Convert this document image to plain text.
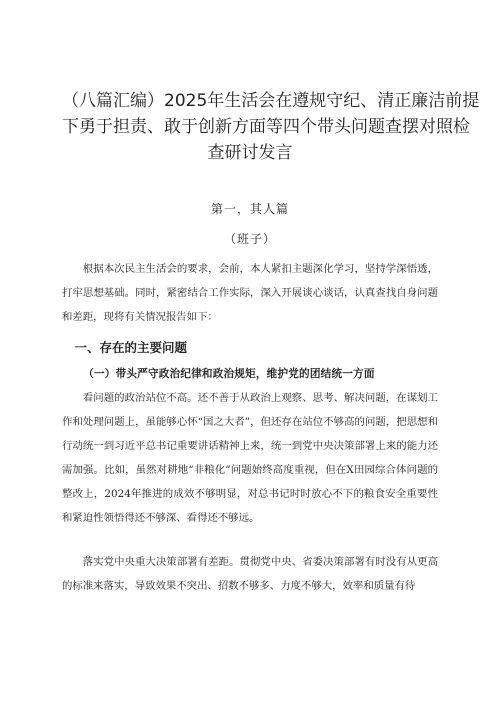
（八篇汇编）2025年生活会在遵规守纪、清正廉洁前提
下勇于担责、敢于创新方面等四个带头问题查摆对照检
查研讨发言
第一，其人篇
（班子）

根据本次民主生活会的要求，会前，本人紧扣主题深化学习，坚持学深悟透，打牢思想基础。同时，紧密结合工作实际，深入开展谈心谈话，认真查找自身问题和差距，现将有关情况报告如下：

一、存在的主要问题

（一）带头严守政治纪律和政治规矩，维护党的团结统一方面

看问题的政治站位不高。还不善于从政治上观察、思考、解决问题，在谋划工作和处理问题上，虽能够心怀“国之大者”，但还存在站位不够高的问题，把思想和行动统一到习近平总书记重要讲话精神上来，统一到党中央决策部署上来的能力还需加强。比如，虽然对耕地“非粮化”问题始终高度重视，但在X田园综合体问题的整改上，2024年推进的成效不够明显，对总书记时时放心不下的粮食安全重要性和紧迫性领悟得还不够深、看得还不够远。

落实党中央重大决策部署有差距。贯彻党中央、省委决策部署有时没有从更高的标准来落实，导致效果不突出、招数不够多、力度不够大，效率和质量有待
